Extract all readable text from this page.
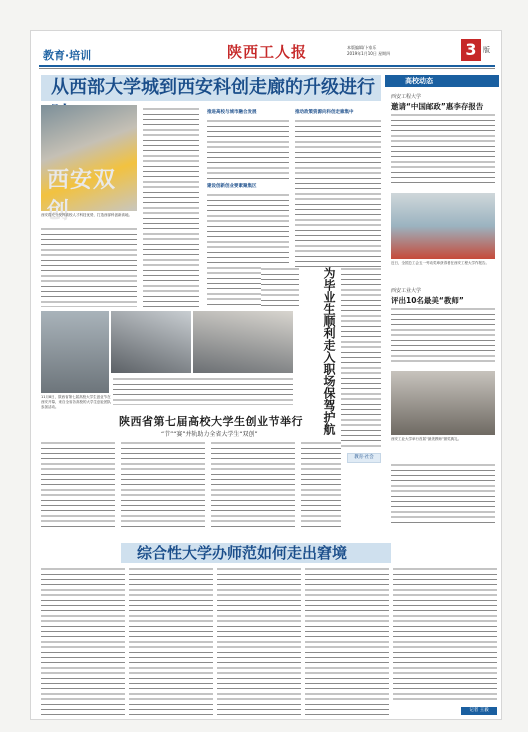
教育·培训	陕西工人报	本版编辑/卜家乐
2019年1月10日 星期四	3 版
从西部大学城到西安科创走廊的升级进行
西安双创
西安将充分发挥高校人才科技优势，打造西部科创新高地。
推进高校与城市融合发展
建设创新创业要素聚集区
推动政策资源向科创走廊集中
11月8日，陕西省第七届高校大学生创业节在西安开幕，来自全省各高校的大学生创业团队参加活动。
陕西省第七届高校大学生创业节举行
“节”“赛”并轨助力全省大学生“双创”	为毕业生顺利走入职场保驾护航
教育·社会
高校动态
西安工程大学
邀请“中国邮政”惠李存报告
近日，全国总工会五一劳动奖章获得者在西安工程大学作报告。
西安工业大学
评出10名最美“教师”
西安工业大学举行首届“最美教师”颁奖典礼。
综合性大学办师范如何走出窘境
记者 王毅
